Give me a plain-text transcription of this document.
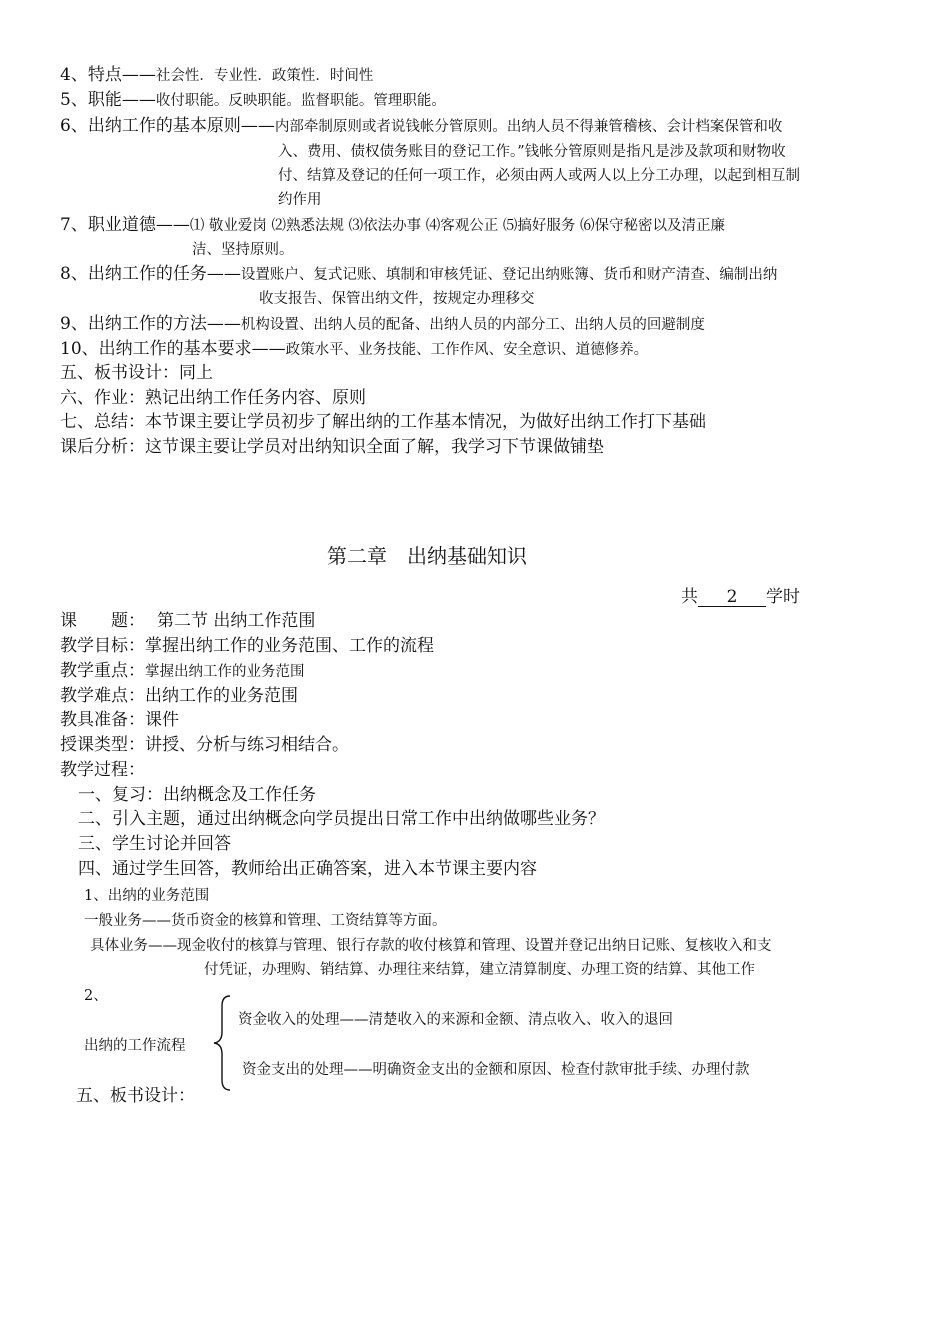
4、特点——社会性．专业性．政策性．时间性
5、职能——收付职能。反映职能。监督职能。管理职能。
6、出纳工作的基本原则——内部牵制原则或者说钱帐分管原则。出纳人员不得兼管稽核、会计档案保管和收
入、费用、债权债务账目的登记工作。”钱帐分管原则是指凡是涉及款项和财物收
付、结算及登记的任何一项工作，必须由两人或两人以上分工办理，以起到相互制
约作用
7、职业道德——⑴ 敬业爱岗 ⑵熟悉法规 ⑶依法办事 ⑷客观公正 ⑸搞好服务 ⑹保守秘密以及清正廉
洁、坚持原则。
8、出纳工作的任务——设置账户、复式记账、填制和审核凭证、登记出纳账簿、货币和财产清查、编制出纳
收支报告、保管出纳文件，按规定办理移交
9、出纳工作的方法——机构设置、出纳人员的配备、出纳人员的内部分工、出纳人员的回避制度
10、出纳工作的基本要求——政策水平、业务技能、工作作风、安全意识、道德修养。
五、板书设计：同上
六、作业：熟记出纳工作任务内容、原则
七、总结：本节课主要让学员初步了解出纳的工作基本情况，为做好出纳工作打下基础
课后分析：这节课主要让学员对出纳知识全面了解，我学习下节课做铺垫
第二章　出纳基础知识
共 2 学时
课　　题： 第二节 出纳工作范围
教学目标：掌握出纳工作的业务范围、工作的流程
教学重点：掌握出纳工作的业务范围
教学难点：出纳工作的业务范围
教具准备：课件
授课类型：讲授、分析与练习相结合。
教学过程：
一、复习：出纳概念及工作任务
二、引入主题，通过出纳概念向学员提出日常工作中出纳做哪些业务？
三、学生讨论并回答
四、通过学生回答，教师给出正确答案，进入本节课主要内容
1、出纳的业务范围
一般业务——货币资金的核算和管理、工资结算等方面。
具体业务——现金收付的核算与管理、银行存款的收付核算和管理、设置并登记出纳日记账、复核收入和支
付凭证，办理购、销结算、办理往来结算，建立清算制度、办理工资的结算、其他工作
2、
出纳的工作流程
资金收入的处理——清楚收入的来源和金额、清点收入、收入的退回
资金支出的处理——明确资金支出的金额和原因、检查付款审批手续、办理付款
五、板书设计：
